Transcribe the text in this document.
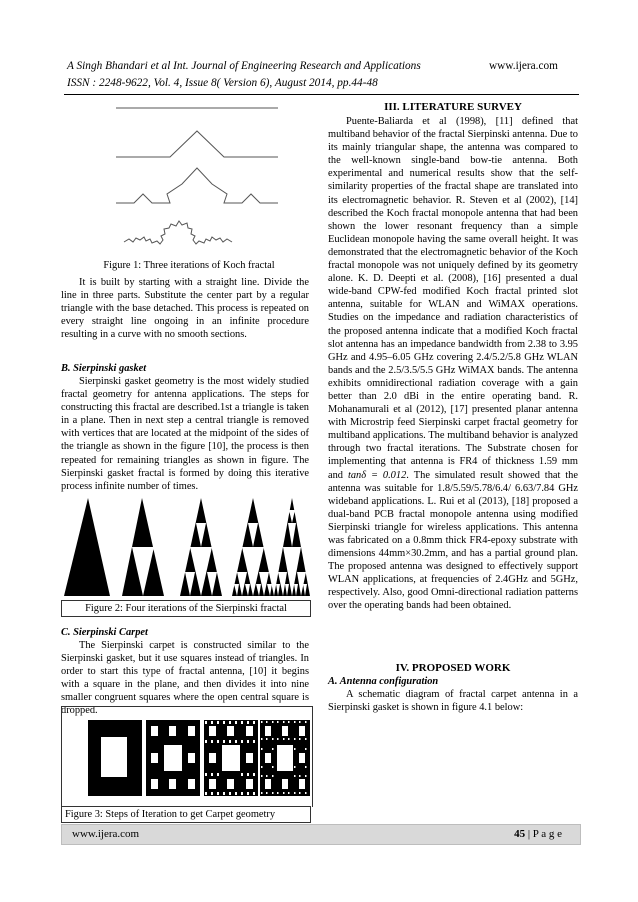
A Singh Bhandari et al Int. Journal of Engineering Research and Applications
ISSN : 2248-9622, Vol. 4, Issue 8( Version 6), August 2014, pp.44-48
www.ijera.com
Figure 1: Three iterations of Koch fractal

It is built by starting with a straight line. Divide the line in three parts. Substitute the center part by a regular triangle with the base detached. This process is repeated on every straight line ongoing in an infinite procedure resulting in a curve with no smooth sections.

B. Sierpinski gasket

Sierpinski gasket geometry is the most widely studied fractal geometry for antenna applications. The steps for constructing this fractal are described.1st a triangle is taken in a plane. Then in next step a central triangle is removed with vertices that are located at the midpoint of the sides of the triangle as shown in the figure [10], the process is then repeated for remaining triangles as shown in figure. The Sierpinski gasket fractal is formed by doing this iterative process infinite number of times.

Figure 2: Four iterations of the Sierpinski fractal
C. Sierpinski Carpet

The Sierpinski carpet is constructed similar to the Sierpinski gasket, but it use squares instead of triangles. In order to start this type of fractal antenna, [10] it begins with a square in the plane, and then divides it into nine smaller congruent squares where the open central square is dropped.

Figure 3: Steps of Iteration to get Carpet geometry
III. LITERATURE SURVEY

Puente-Baliarda et al (1998), [11] defined that multiband behavior of the fractal Sierpinski antenna. Due to its mainly triangular shape, the antenna was compared to the well-known single-band bow-tie antenna. Both experimental and numerical results show that the self-similarity properties of the fractal shape are translated into its electromagnetic behavior. R. Steven et al (2002), [14] described the Koch fractal monopole antenna that had been shown the lower resonant frequency than a simple Euclidean monopole having the same overall height. It was demonstrated that the electromagnetic behavior of the Koch fractal monopole was not uniquely defined by its geometry alone. K. D. Deepti et al. (2008), [16] presented a dual wide-band CPW-fed modified Koch fractal printed slot antenna, suitable for WLAN and WiMAX operations. Studies on the impedance and radiation characteristics of the proposed antenna indicate that a modified Koch fractal slot antenna has an impedance bandwidth from 2.38 to 3.95 GHz and 4.95–6.05 GHz covering 2.4/5.2/5.8 GHz WLAN bands and the 2.5/3.5/5.5 GHz WiMAX bands. The antenna exhibits omnidirectional radiation coverage with a gain better than 2.0 dBi in the entire operating band. R. Mohanamurali et al (2012), [17] presented planar antenna with Microstrip feed Sierpinski carpet fractal geometry for multiband applications. The multiband behavior is analyzed through two fractal iterations. The Substrate chosen for implementing that antenna is FR4 of thickness 1.59 mm and tanδ = 0.012. The simulated result showed that the antenna was suitable for 1.8/5.59/5.78/6.4/ 6.63/7.84 GHz wideband applications. L. Rui et al (2013), [18] proposed a dual-band PCB fractal monopole antenna using modified Sierpinski triangle for wireless applications. This antenna was fabricated on a 0.8mm thick FR4-epoxy substrate with dimensions 44mm×30.2mm, and has a partial ground plan. The proposed antenna was designed to effectively support WLAN applications, at frequencies of 2.4GHz and 5GHz, respectively. Also, good Omni-directional radiation patterns over the operating bands had been obtained.

IV. PROPOSED WORK
A. Antenna configuration

A schematic diagram of fractal carpet antenna in a Sierpinski gasket is shown in figure 4.1 below:

www.ijera.com	45 | P a g e
